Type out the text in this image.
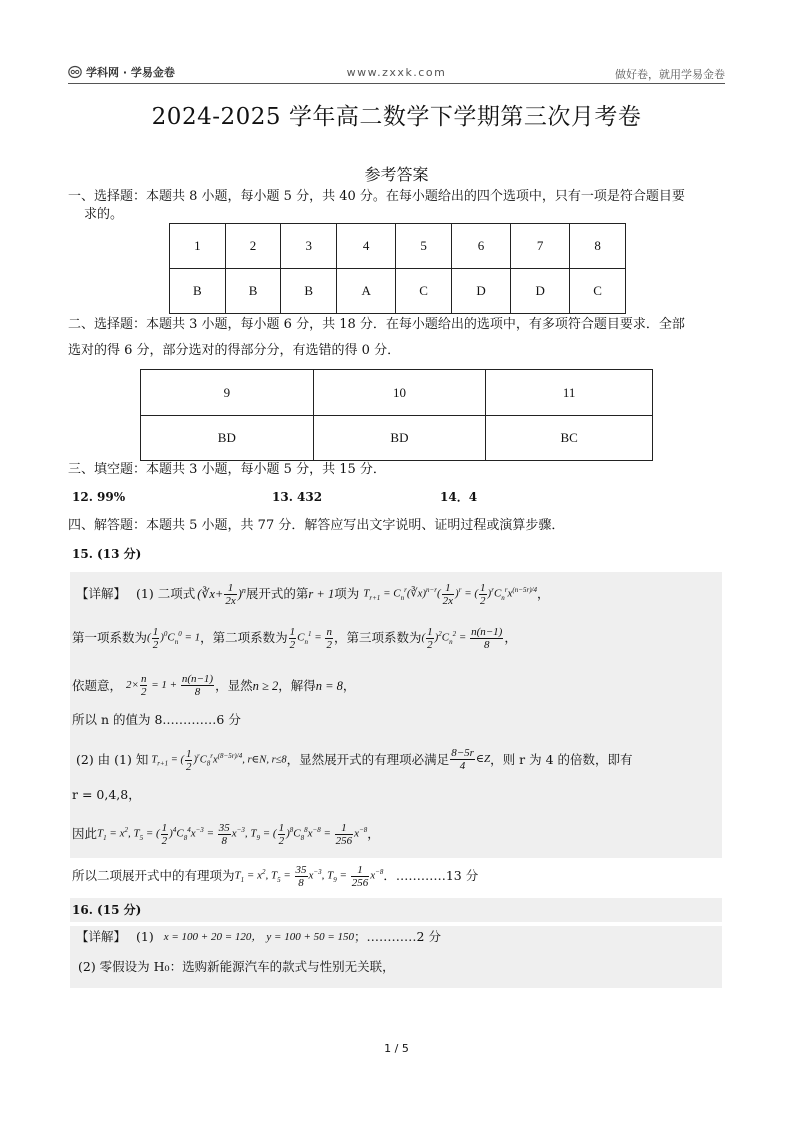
学科网 · 学易金卷	www.zxxk.com	做好卷，就用学易金卷
2024-2025 学年高二数学下学期第三次月考卷
参考答案
一、选择题：本题共 8 小题，每小题 5 分，共 40 分。在每小题给出的四个选项中，只有一项是符合题目要
求的。
1	2	3	4	5	6	7	8
B	B	B	A	C	D	D	C
二、选择题：本题共 3 小题，每小题 6 分，共 18 分．在每小题给出的选项中，有多项符合题目要求．全部
选对的得 6 分，部分选对的得部分分，有选错的得 0 分．
9	10	11
BD	BD	BC
三、填空题：本题共 3 小题，每小题 5 分，共 15 分．
12. 99%	13. 432	14．4
四、解答题：本题共 5 小题，共 77 分．解答应写出文字说明、证明过程或演算步骤．
15. (13 分)
【详解】 (1) 二项式 (∛x+ $\frac{1}{2x} )^n$ 展开式的第 r + 1 项为 $T_{r+1}$ = $C_n^r(∛x)^{n-r}( \frac{1}{2x} )^r$ = ( $\frac{1}{2} )^rC_n^rx^{(n-5r)/4}$ ，
第一项系数为 ( $\frac{1}{2} )^0C_n^0 = 1$ ，第二项系数为 $\frac{1}{2} C_n^1 = \frac{n}{2}$ ，第三项系数为 ( $\frac{1}{2} )^2C_n^2 = \frac{n(n-1)}{8}$ ，
依题意， $2\times \frac{n}{2} = 1 + \frac{n(n-1)}{8}$ ，显然 n ≥ 2 ，解得 n = 8 ，
所以 n 的值为 8.…………6 分
(2) 由 (1) 知 $T_{r+1}$ = ( $\frac{1}{2} )^rC_8^rx^{(8-5r)/4}$, r∈N, r≤8 ，显然展开式的有理项必满足 $\frac{8-5r}{4}$ ∈Z ，则 r 为 4 的倍数，即有
r = 0,4,8，
因此 $T_1 = x^2$, $T_5$ = ( $\frac{1}{2} )^4C_8^4x^{-3} = \frac{35}{8} x^{-3}$, $T_9$ = ( $\frac{1}{2} )^8C_8^8x^{-8} = \frac{1}{256} x^{-8}$ ，
所以二项展开式中的有理项为 $T_1 = x^2$, $T_5 = \frac{35}{8} x^{-3}$, $T_9 = \frac{1}{256} x^{-8}$ ．…………13 分
16. (15 分)
【详解】 (1) x = 100 + 20 = 120， y = 100 + 50 = 150 ；…………2 分
(2) 零假设为 H₀：选购新能源汽车的款式与性别无关联，
1 / 5
